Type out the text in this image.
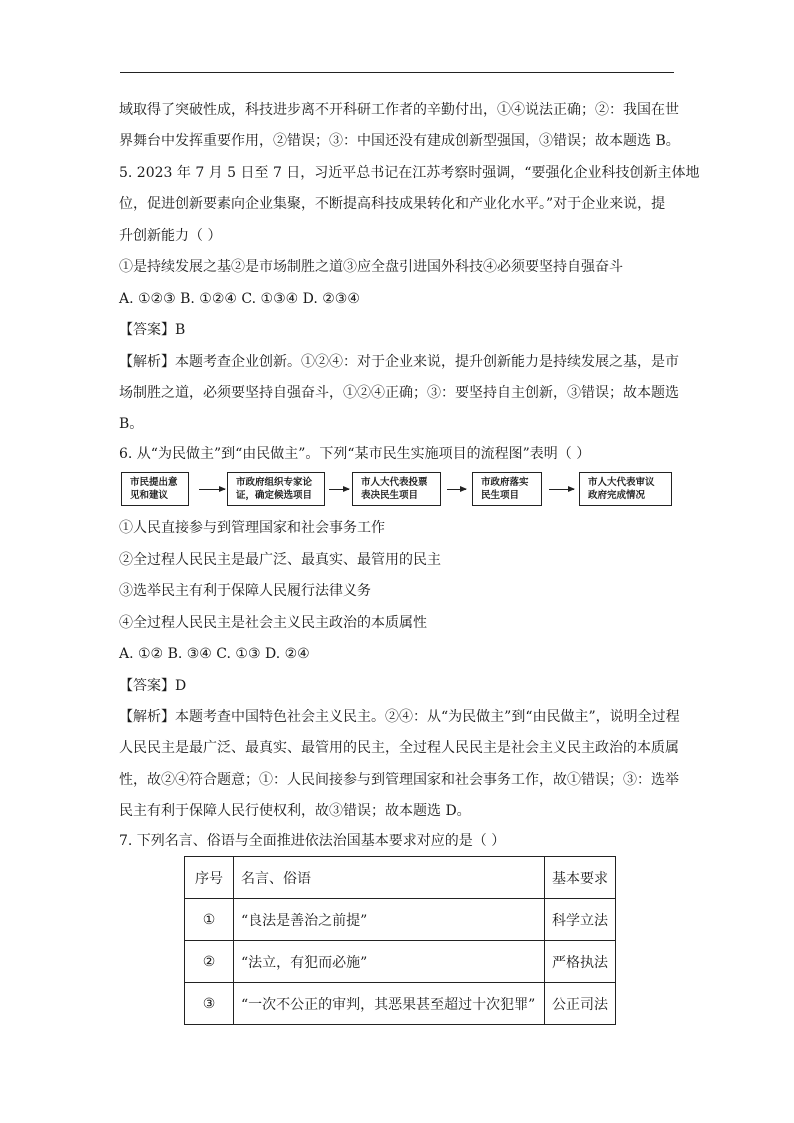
域取得了突破性成，科技进步离不开科研工作者的辛勤付出，①④说法正确；②：我国在世
界舞台中发挥重要作用，②错误；③：中国还没有建成创新型强国，③错误；故本题选 B。
5. 2023 年 7 月 5 日至 7 日，习近平总书记在江苏考察时强调，“要强化企业科技创新主体地
位，促进创新要素向企业集聚，不断提高科技成果转化和产业化水平。”对于企业来说，提
升创新能力（ ）
①是持续发展之基②是市场制胜之道③应全盘引进国外科技④必须要坚持自强奋斗
A. ①②③ B. ①②④ C. ①③④ D. ②③④
【答案】B
【解析】本题考查企业创新。①②④：对于企业来说，提升创新能力是持续发展之基，是市
场制胜之道，必须要坚持自强奋斗，①②④正确；③：要坚持自主创新，③错误；故本题选
B。
6. 从“为民做主”到“由民做主”。下列“某市民生实施项目的流程图”表明（ ）
市民提出意
见和建议
市政府组织专家论
证，确定候选项目
市人大代表投票
表决民生项目
市政府落实
民生项目
市人大代表审议
政府完成情况
①人民直接参与到管理国家和社会事务工作
②全过程人民民主是最广泛、最真实、最管用的民主
③选举民主有利于保障人民履行法律义务
④全过程人民民主是社会主义民主政治的本质属性
A. ①② B. ③④ C. ①③ D. ②④
【答案】D
【解析】本题考查中国特色社会主义民主。②④：从“为民做主”到“由民做主”，说明全过程
人民民主是最广泛、最真实、最管用的民主，全过程人民民主是社会主义民主政治的本质属
性，故②④符合题意；①：人民间接参与到管理国家和社会事务工作，故①错误；③：选举
民主有利于保障人民行使权利，故③错误；故本题选 D。
7. 下列名言、俗语与全面推进依法治国基本要求对应的是（ ）
序号	名言、俗语	基本要求
①	“良法是善治之前提”	科学立法
②	“法立，有犯而必施”	严格执法
③	“一次不公正的审判，其恶果甚至超过十次犯罪”	公正司法
